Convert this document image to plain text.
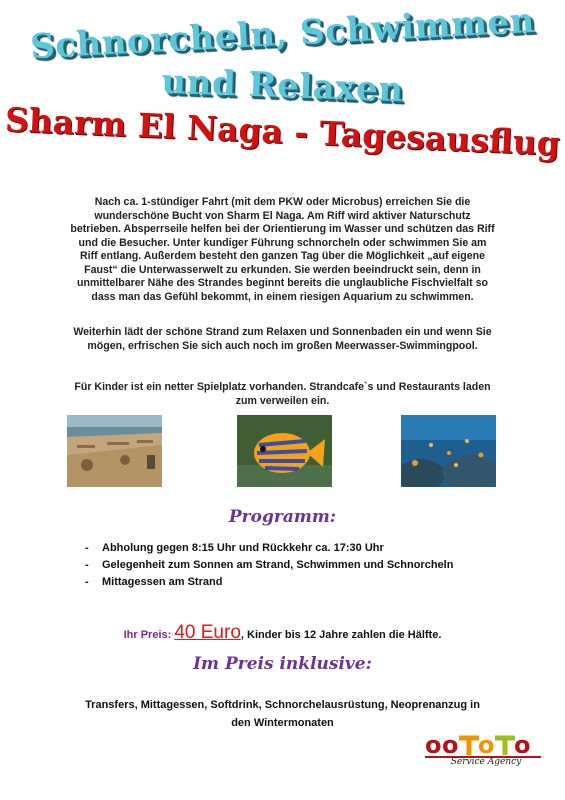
Schnorcheln, Schwimmen
und Relaxen
Sharm El Naga - Tagesausflug
Nach ca. 1-stündiger Fahrt (mit dem PKW oder Microbus) erreichen Sie die wunderschöne Bucht von Sharm El Naga. Am Riff wird aktiver Naturschutz betrieben. Absperrseile helfen bei der Orientierung im Wasser und schützen das Riff und die Besucher. Unter kundiger Führung schnorcheln oder schwimmen Sie am Riff entlang. Außerdem besteht den ganzen Tag über die Möglichkeit „auf eigene Faust“ die Unterwasserwelt zu erkunden. Sie werden beeindruckt sein, denn in unmittelbarer Nähe des Strandes beginnt bereits die unglaubliche Fischvielfalt so dass man das Gefühl bekommt, in einem riesigen Aquarium zu schwimmen.
Weiterhin lädt der schöne Strand zum Relaxen und Sonnenbaden ein und wenn Sie mögen, erfrischen Sie sich auch noch im großen Meerwasser-Swimmingpool.
Für Kinder ist ein netter Spielplatz vorhanden. Strandcafe`s und Restaurants laden zum verweilen ein.
Programm:
- Abholung gegen 8:15 Uhr und Rückkehr ca. 17:30 Uhr
- Gelegenheit zum Sonnen am Strand, Schwimmen und Schnorcheln
- Mittagessen am Strand
Ihr Preis: 40 Euro, Kinder bis 12 Jahre zahlen die Hälfte.
Im Preis inklusive:
Transfers, Mittagessen, Softdrink, Schnorchelausrüstung, Neoprenanzug in den Wintermonaten
o o o o
Service Agency
